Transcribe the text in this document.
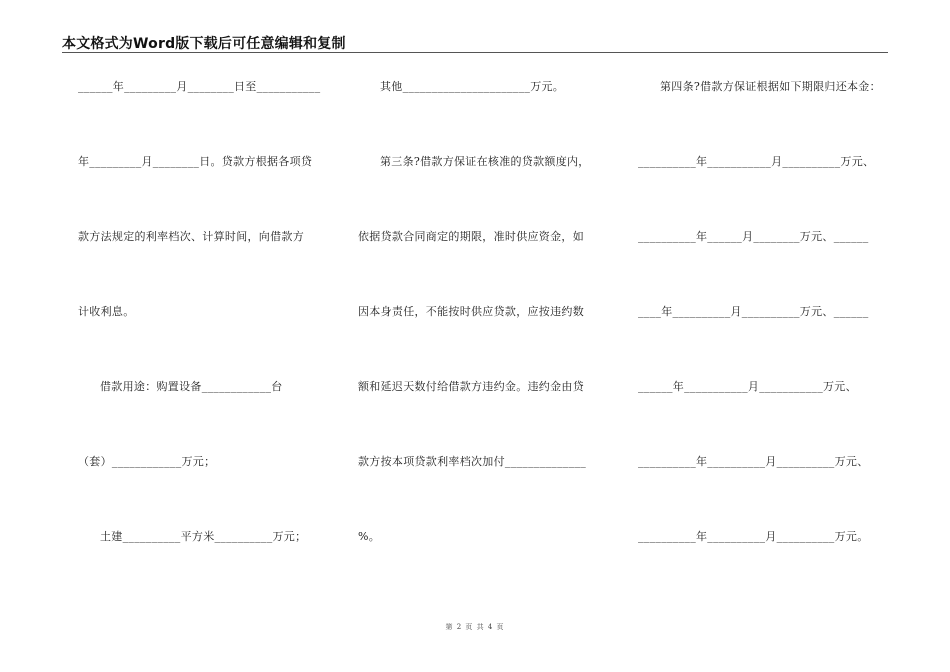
本文格式为Word版下载后可任意编辑和复制
______年_________月________日至___________
年_________月________日。贷款方根据各项贷
款方法规定的利率档次、计算时间，向借款方
计收利息。
借款用途：购置设备____________台
（套）____________万元；
土建__________平方米__________万元；
其他______________________万元。
第三条?借款方保证在核准的贷款额度内，
依据贷款合同商定的期限，准时供应资金，如
因本身责任，不能按时供应贷款，应按违约数
额和延迟天数付给借款方违约金。违约金由贷
款方按本项贷款利率档次加付______________
%。
第四条?借款方保证根据如下期限归还本金：
__________年___________月__________万元、
__________年______月________万元、______
____年__________月__________万元、______
______年___________月___________万元、
__________年__________月__________万元、
__________年__________月__________万元。
第 2 页 共 4 页
